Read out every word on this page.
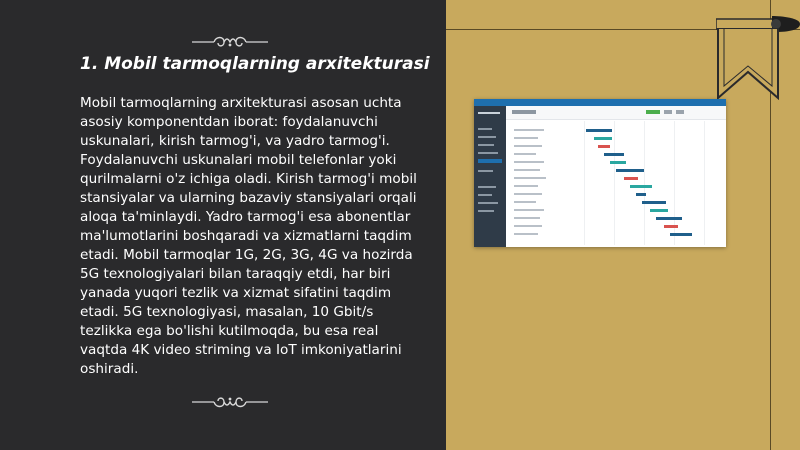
1. Mobil tarmoqlarning arxitekturasi
Mobil tarmoqlarning arxitekturasi asosan uchta asosiy komponentdan iborat: foydalanuvchi uskunalari, kirish tarmog'i, va yadro tarmog'i. Foydalanuvchi uskunalari mobil telefonlar yoki qurilmalarni o'z ichiga oladi. Kirish tarmog'i mobil stansiyalar va ularning bazaviy stansiyalari orqali aloqa ta'minlaydi. Yadro tarmog'i esa abonentlar ma'lumotlarini boshqaradi va xizmatlarni taqdim etadi. Mobil tarmoqlar 1G, 2G, 3G, 4G va hozirda 5G texnologiyalari bilan taraqqiy etdi, har biri yanada yuqori tezlik va xizmat sifatini taqdim etadi. 5G texnologiyasi, masalan, 10 Gbit/s tezlikka ega bo'lishi kutilmoqda, bu esa real vaqtda 4K video striming va IoT imkoniyatlarini oshiradi.
